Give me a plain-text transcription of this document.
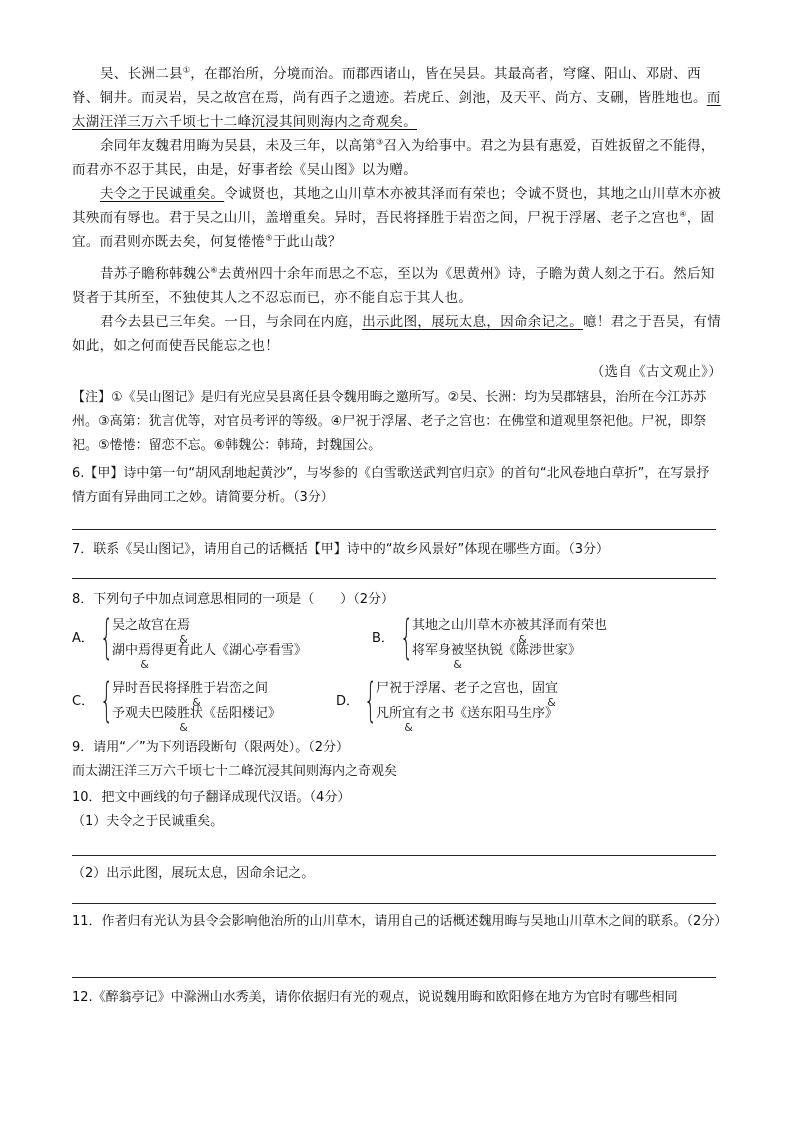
吴、长洲二县①，在郡治所，分境而治。而郡西诸山，皆在吴县。其最高者，穹窿、阳山、邓尉、西脊、铜井。而灵岩，吴之故宫在焉，尚有西子之遗迹。若虎丘、剑池，及天平、尚方、支硎，皆胜地也。而太湖汪洋三万六千顷七十二峰沉浸其间则海内之奇观矣。

余同年友魏君用晦为吴县，未及三年，以高第③召入为给事中。君之为县有惠爱，百姓扳留之不能得，而君亦不忍于其民，由是，好事者绘《吴山图》以为赠。

夫令之于民诚重矣。令诚贤也，其地之山川草木亦被其泽而有荣也；令诚不贤也，其地之山川草木亦被其殃而有辱也。君于吴之山川，盖增重矣。异时，吾民将择胜于岩峦之间，尸祝于浮屠、老子之宫也④，固宜。而君则亦既去矣，何复惓惓⑤于此山哉？

昔苏子瞻称韩魏公⑥去黄州四十余年而思之不忘，至以为《思黄州》诗，子瞻为黄人刻之于石。然后知贤者于其所至，不独使其人之不忍忘而已，亦不能自忘于其人也。

君今去县已三年矣。一日，与余同在内庭，出示此图，展玩太息，因命余记之。噫！君之于吾吴，有情如此，如之何而使吾民能忘之也！

（选自《古文观止》）

【注】①《吴山图记》是归有光应吴县离任县令魏用晦之邀所写。②吴、长洲：均为吴郡辖县，治所在今江苏苏州。③高第：犹言优等，对官员考评的等级。④尸祝于浮屠、老子之宫也：在佛堂和道观里祭祀他。尸祝，即祭祀。⑤惓惓：留恋不忘。⑥韩魏公：韩琦，封魏国公。

6.【甲】诗中第一句“胡风刮地起黄沙”，与岑参的《白雪歌送武判官归京》的首句“北风卷地白草折”，在写景抒情方面有异曲同工之妙。请简要分析。（3分）

7．联系《吴山图记》，请用自己的话概括【甲】诗中的“故乡风景好”体现在哪些方面。（3分）

8．下列句子中加点词意思相同的一项是（　　）（2分）

A． {
吴之故宫在焉 &
湖中焉 &得更有此人《湖心亭看雪》
B． {
其地之山川草木亦被 &其泽而有荣也
将军身被 &坚执锐《陈涉世家》
C． {
异时吾民将择胜 &于岩峦之间
予观夫巴陵胜 &状《岳阳楼记》
D． {
尸祝于浮屠、老子之宫也，固宜 &
凡所宜 &有之书《送东阳马生序》

9．请用“／”为下列语段断句（限两处）。（2分）

而太湖汪洋三万六千顷七十二峰沉浸其间则海内之奇观矣

10．把文中画线的句子翻译成现代汉语。（4分）

（1）夫令之于民诚重矣。

（2）出示此图，展玩太息，因命余记之。

11．作者归有光认为县令会影响他治所的山川草木，请用自己的话概述魏用晦与吴地山川草木之间的联系。（2分）

12.《醉翁亭记》中滁洲山水秀美，请你依据归有光的观点，说说魏用晦和欧阳修在地方为官时有哪些相同
